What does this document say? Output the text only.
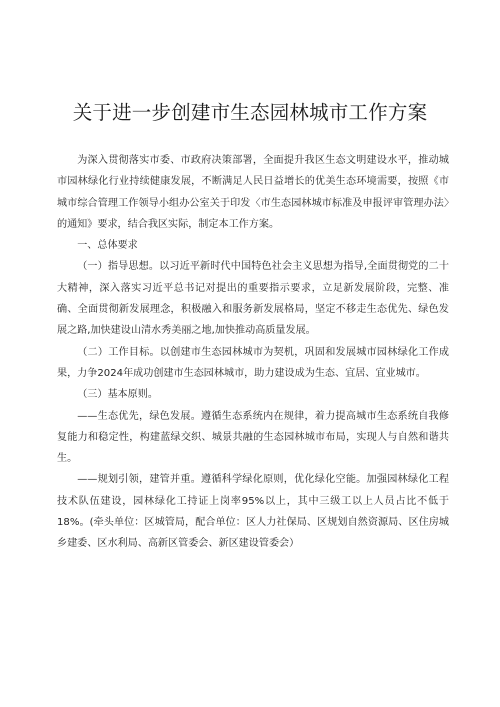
关于进一步创建市生态园林城市工作方案

为深入贯彻落实市委、市政府决策部署，全面提升我区生态文明建设水平，推动城市园林绿化行业持续健康发展，不断满足人民日益增长的优美生态环境需要，按照《市城市综合管理工作领导小组办公室关于印发〈市生态园林城市标准及申报评审管理办法〉的通知》要求，结合我区实际，制定本工作方案。

一、总体要求

（一）指导思想。以习近平新时代中国特色社会主义思想为指导,全面贯彻党的二十大精神，深入落实习近平总书记对提出的重要指示要求，立足新发展阶段，完整、准确、全面贯彻新发展理念，积极融入和服务新发展格局，坚定不移走生态优先、绿色发展之路,加快建设山清水秀美丽之地,加快推动高质量发展。

（二）工作目标。以创建市生态园林城市为契机，巩固和发展城市园林绿化工作成果，力争2024年成功创建市生态园林城市，助力建设成为生态、宜居、宜业城市。

（三）基本原则。

——生态优先，绿色发展。遵循生态系统内在规律，着力提高城市生态系统自我修复能力和稳定性，构建蓝绿交织、城景共融的生态园林城市布局，实现人与自然和谐共生。

——规划引领，建管并重。遵循科学绿化原则，优化绿化空能。加强园林绿化工程技术队伍建设，园林绿化工持证上岗率95%以上，其中三级工以上人员占比不低于18%。(牵头单位：区城管局，配合单位：区人力社保局、区规划自然资源局、区住房城乡建委、区水利局、高新区管委会、新区建设管委会）
